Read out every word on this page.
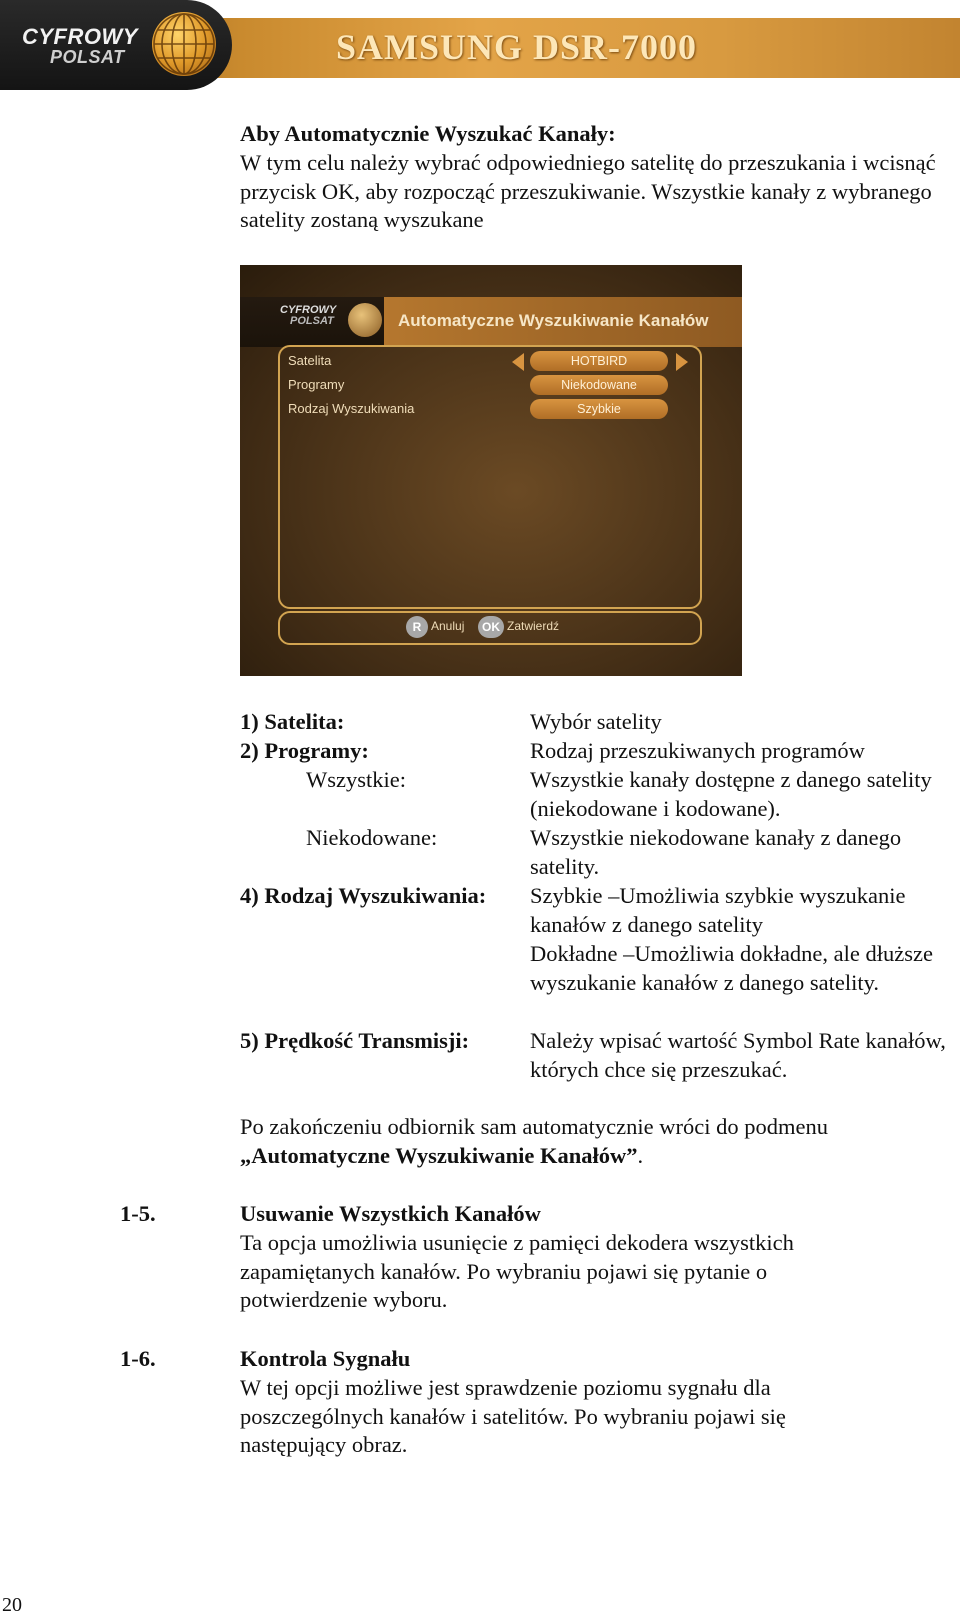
CYFROWY
POLSAT	SAMSUNG DSR-7000
Aby Automatycznie Wyszukać Kanały:
W tym celu należy wybrać odpowiedniego satelitę do przeszukania i wcisnąć przycisk OK, aby rozpocząć przeszukiwanie. Wszystkie kanały z wybranego satelity zostaną wyszukane
CYFROWY
POLSAT	Automatyczne Wyszukiwanie Kanałów
Satelita	HOTBIRD
Programy	Niekodowane
Rodzaj Wyszukiwania	Szybkie
R Anuluj	OK Zatwierdź
1) Satelita:	Wybór satelity
2) Programy:	Rodzaj przeszukiwanych programów
Wszystkie:	Wszystkie kanały dostępne z danego satelity (niekodowane i kodowane).
Niekodowane:	Wszystkie niekodowane kanały z danego satelity.
4) Rodzaj Wyszukiwania: Szybkie –Umożliwia szybkie wyszukanie kanałów z danego satelity
Dokładne –Umożliwia dokładne, ale dłuższe wyszukanie kanałów z danego satelity.
5) Prędkość Transmisji:	Należy wpisać wartość Symbol Rate kanałów, których chce się przeszukać.
Po zakończeniu odbiornik sam automatycznie wróci do podmenu
„Automatyczne Wyszukiwanie Kanałów”.
1-5.	Usuwanie Wszystkich Kanałów
Ta opcja umożliwia usunięcie z pamięci dekodera wszystkich zapamiętanych kanałów. Po wybraniu pojawi się pytanie o potwierdzenie wyboru.
1-6.	Kontrola Sygnału
W tej opcji możliwe jest sprawdzenie poziomu sygnału dla poszczególnych kanałów i satelitów. Po wybraniu pojawi się następujący obraz.
20
